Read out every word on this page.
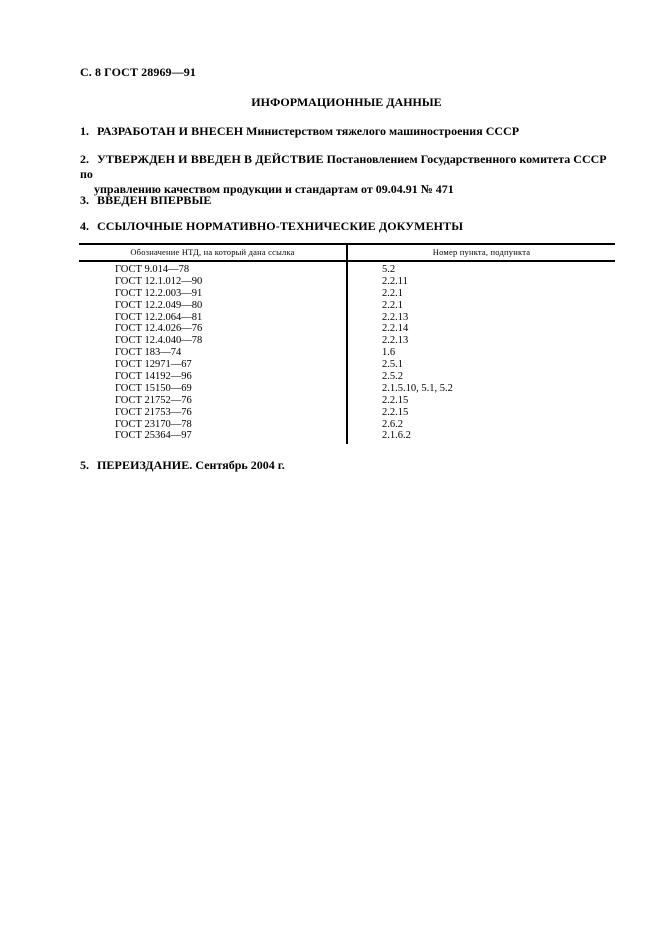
С. 8 ГОСТ 28969—91
ИНФОРМАЦИОННЫЕ ДАННЫЕ
1. РАЗРАБОТАН И ВНЕСЕН Министерством тяжелого машиностроения СССР
2. УТВЕРЖДЕН И ВВЕДЕН В ДЕЙСТВИЕ Постановлением Государственного комитета СССР по
управлению качеством продукции и стандартам от 09.04.91 № 471
3. ВВЕДЕН ВПЕРВЫЕ
4. ССЫЛОЧНЫЕ НОРМАТИВНО-ТЕХНИЧЕСКИЕ ДОКУМЕНТЫ
Обозначение НТД, на который дана ссылка	Номер пункта, подпункта
ГОСТ 9.014—78	5.2
ГОСТ 12.1.012—90	2.2.11
ГОСТ 12.2.003—91	2.2.1
ГОСТ 12.2.049—80	2.2.1
ГОСТ 12.2.064—81	2.2.13
ГОСТ 12.4.026—76	2.2.14
ГОСТ 12.4.040—78	2.2.13
ГОСТ 183—74	1.6
ГОСТ 12971—67	2.5.1
ГОСТ 14192—96	2.5.2
ГОСТ 15150—69	2.1.5.10, 5.1, 5.2
ГОСТ 21752—76	2.2.15
ГОСТ 21753—76	2.2.15
ГОСТ 23170—78	2.6.2
ГОСТ 25364—97	2.1.6.2
5. ПЕРЕИЗДАНИЕ. Сентябрь 2004 г.
